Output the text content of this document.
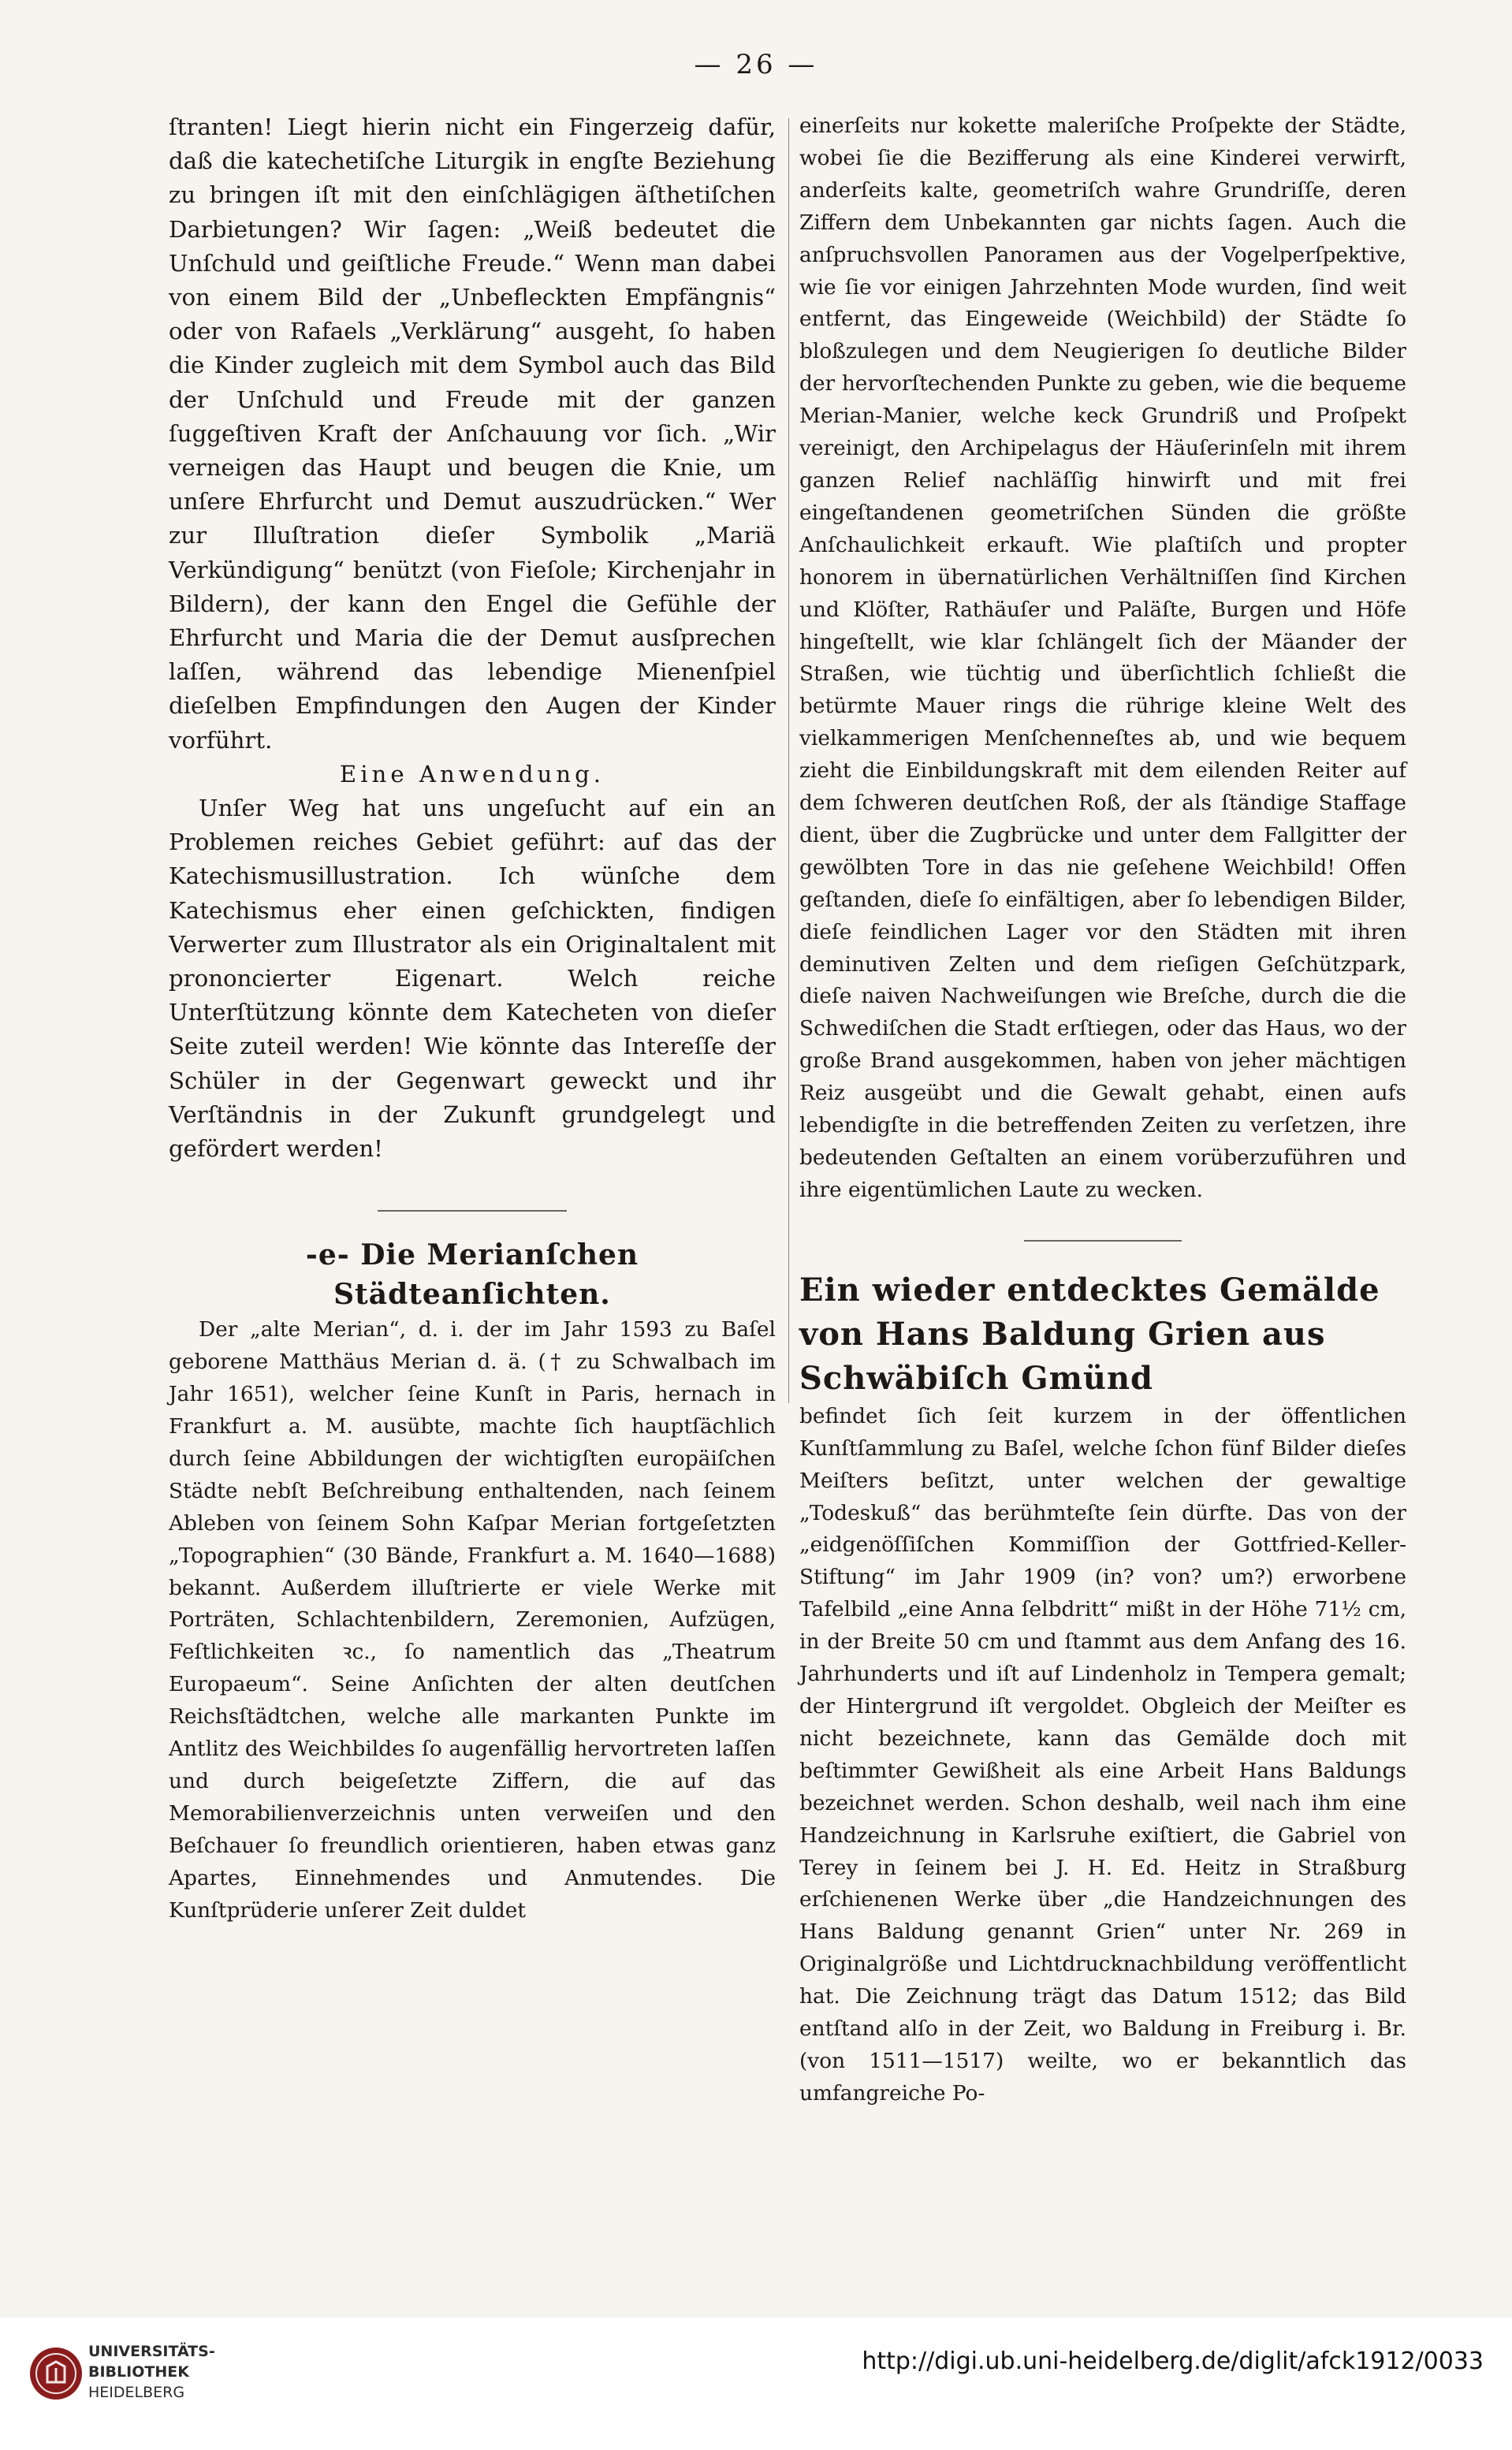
— 26 —

ſtranten! Liegt hierin nicht ein Fingerzeig dafür, daß die katechetiſche Liturgik in engſte Beziehung zu bringen iſt mit den einſchlägigen äſthetiſchen Darbietungen? Wir ſagen: „Weiß bedeutet die Unſchuld und geiſtliche Freude.“ Wenn man dabei von einem Bild der „Unbefleckten Empfängnis“ oder von Rafaels „Verklärung“ ausgeht, ſo haben die Kinder zugleich mit dem Symbol auch das Bild der Unſchuld und Freude mit der ganzen ſuggeſtiven Kraft der Anſchauung vor ſich. „Wir verneigen das Haupt und beugen die Knie, um unſere Ehrfurcht und Demut auszudrücken.“ Wer zur Illuſtration dieſer Symbolik „Mariä Verkündigung“ benützt (von Fieſole; Kirchenjahr in Bildern), der kann den Engel die Gefühle der Ehrfurcht und Maria die der Demut ausſprechen laſſen, während das lebendige Mienenſpiel dieſelben Empfindungen den Augen der Kinder vorführt.

Eine Anwendung.

Unſer Weg hat uns ungeſucht auf ein an Problemen reiches Gebiet geführt: auf das der Katechismusillustration. Ich wünſche dem Katechismus eher einen geſchickten, findigen Verwerter zum Illustrator als ein Originaltalent mit prononcierter Eigenart. Welch reiche Unterſtützung könnte dem Katecheten von dieſer Seite zuteil werden! Wie könnte das Intereſſe der Schüler in der Gegenwart geweckt und ihr Verſtändnis in der Zukunft grundgelegt und gefördert werden!

-e- Die Merianſchen Städteanſichten.

Der „alte Merian“, d. i. der im Jahr 1593 zu Baſel geborene Matthäus Merian d. ä. († zu Schwalbach im Jahr 1651), welcher ſeine Kunſt in Paris, hernach in Frankfurt a. M. ausübte, machte ſich hauptſächlich durch ſeine Abbildungen der wichtigſten europäiſchen Städte nebſt Beſchreibung enthaltenden, nach ſeinem Ableben von ſeinem Sohn Kaſpar Merian fortgeſetzten „Topographien“ (30 Bände, Frankfurt a. M. 1640—1688) bekannt. Außerdem illuſtrierte er viele Werke mit Porträten, Schlachtenbildern, Zeremonien, Aufzügen, Feſtlichkeiten ꝛc., ſo namentlich das „Theatrum Europaeum“. Seine Anſichten der alten deutſchen Reichsſtädtchen, welche alle markanten Punkte im Antlitz des Weichbildes ſo augenfällig hervortreten laſſen und durch beigeſetzte Ziffern, die auf das Memorabilienverzeichnis unten verweiſen und den Beſchauer ſo freundlich orientieren, haben etwas ganz Apartes, Einnehmendes und Anmutendes. Die Kunſtprüderie unſerer Zeit duldet

einerſeits nur kokette maleriſche Proſpekte der Städte, wobei ſie die Bezifferung als eine Kinderei verwirft, anderſeits kalte, geometriſch wahre Grundriſſe, deren Ziffern dem Unbekannten gar nichts ſagen. Auch die anſpruchsvollen Panoramen aus der Vogelperſpektive, wie ſie vor einigen Jahrzehnten Mode wurden, ſind weit entfernt, das Eingeweide (Weichbild) der Städte ſo bloßzulegen und dem Neugierigen ſo deutliche Bilder der hervorſtechenden Punkte zu geben, wie die bequeme Merian-Manier, welche keck Grundriß und Proſpekt vereinigt, den Archipelagus der Häuſerinſeln mit ihrem ganzen Relief nachläſſig hinwirft und mit frei eingeſtandenen geometriſchen Sünden die größte Anſchaulichkeit erkauft. Wie plaſtiſch und propter honorem in übernatürlichen Verhältniſſen ſind Kirchen und Klöſter, Rathäuſer und Paläſte, Burgen und Höfe hingeſtellt, wie klar ſchlängelt ſich der Mäander der Straßen, wie tüchtig und überſichtlich ſchließt die betürmte Mauer rings die rührige kleine Welt des vielkammerigen Menſchenneſtes ab, und wie bequem zieht die Einbildungskraft mit dem eilenden Reiter auf dem ſchweren deutſchen Roß, der als ſtändige Staffage dient, über die Zugbrücke und unter dem Fallgitter der gewölbten Tore in das nie geſehene Weichbild! Offen geſtanden, dieſe ſo einfältigen, aber ſo lebendigen Bilder, dieſe feindlichen Lager vor den Städten mit ihren deminutiven Zelten und dem rieſigen Geſchützpark, dieſe naiven Nachweiſungen wie Breſche, durch die die Schwediſchen die Stadt erſtiegen, oder das Haus, wo der große Brand ausgekommen, haben von jeher mächtigen Reiz ausgeübt und die Gewalt gehabt, einen aufs lebendigſte in die betreffenden Zeiten zu verſetzen, ihre bedeutenden Geſtalten an einem vorüberzuführen und ihre eigentümlichen Laute zu wecken.

Ein wieder entdecktes Gemälde von Hans Baldung Grien aus Schwäbiſch Gmünd

befindet ſich ſeit kurzem in der öffentlichen Kunſtſammlung zu Baſel, welche ſchon fünf Bilder dieſes Meiſters beſitzt, unter welchen der gewaltige „Todeskuß“ das berühmteſte ſein dürfte. Das von der „eidgenöſſiſchen Kommiſſion der Gottfried-Keller-Stiftung“ im Jahr 1909 (in? von? um?) erworbene Tafelbild „eine Anna ſelbdritt“ mißt in der Höhe 71½ cm, in der Breite 50 cm und ſtammt aus dem Anfang des 16. Jahrhunderts und iſt auf Lindenholz in Tempera gemalt; der Hintergrund iſt vergoldet. Obgleich der Meiſter es nicht bezeichnete, kann das Gemälde doch mit beſtimmter Gewißheit als eine Arbeit Hans Baldungs bezeichnet werden. Schon deshalb, weil nach ihm eine Handzeichnung in Karlsruhe exiſtiert, die Gabriel von Terey in ſeinem bei J. H. Ed. Heitz in Straßburg erſchienenen Werke über „die Handzeichnungen des Hans Baldung genannt Grien“ unter Nr. 269 in Originalgröße und Lichtdrucknachbildung veröffentlicht hat. Die Zeichnung trägt das Datum 1512; das Bild entſtand alſo in der Zeit, wo Baldung in Freiburg i. Br. (von 1511—1517) weilte, wo er bekanntlich das umfangreiche Po-

UNIVERSITÄTS-
BIBLIOTHEK
HEIDELBERG
http://digi.ub.uni-heidelberg.de/diglit/afck1912/0033
